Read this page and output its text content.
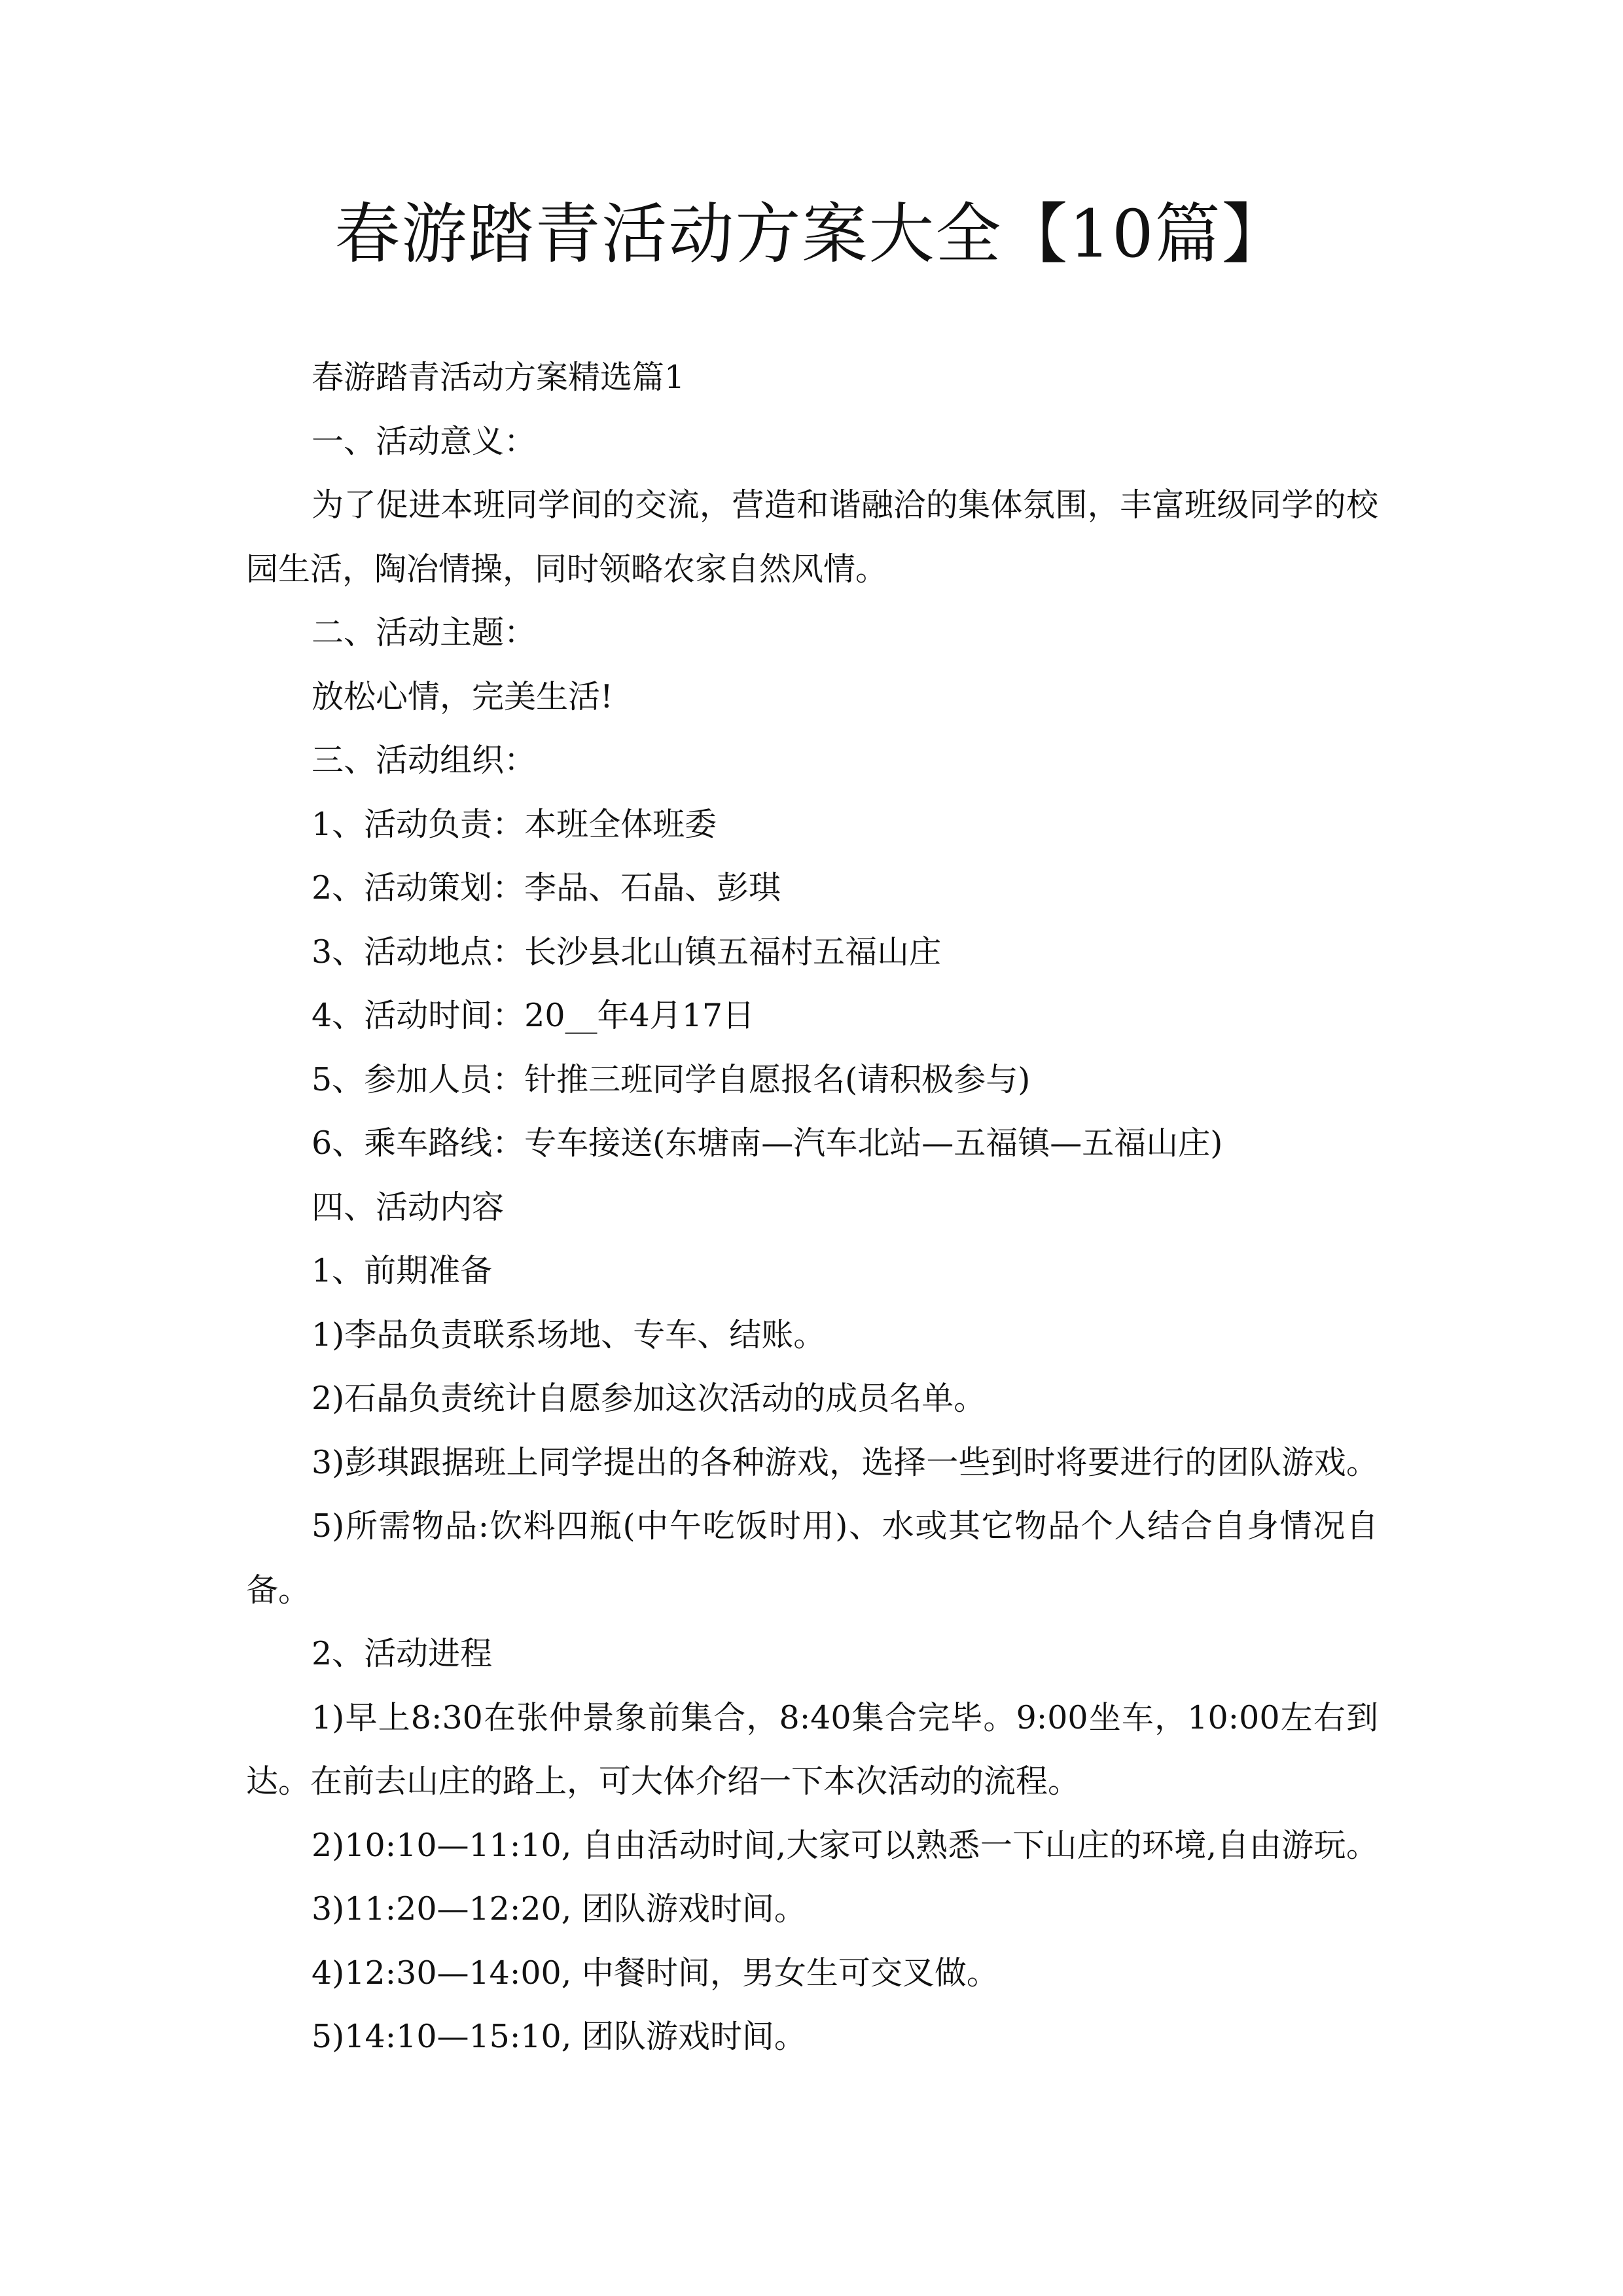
春游踏青活动方案大全【10篇】
春游踏青活动方案精选篇1
一、活动意义：
为了促进本班同学间的交流，营造和谐融洽的集体氛围，丰富班级同学的校
园生活，陶冶情操，同时领略农家自然风情。
二、活动主题：
放松心情，完美生活!
三、活动组织：
1、活动负责：本班全体班委
2、活动策划：李品、石晶、彭琪
3、活动地点：长沙县北山镇五福村五福山庄
4、活动时间：20__年4月17日
5、参加人员：针推三班同学自愿报名(请积极参与)
6、乘车路线：专车接送(东塘南—汽车北站—五福镇—五福山庄)
四、活动内容
1、前期准备
1)李品负责联系场地、专车、结账。
2)石晶负责统计自愿参加这次活动的成员名单。
3)彭琪跟据班上同学提出的各种游戏，选择一些到时将要进行的团队游戏。
5)所需物品:饮料四瓶(中午吃饭时用)、水或其它物品个人结合自身情况自
备。
2、活动进程
1)早上8:30在张仲景象前集合，8:40集合完毕。9:00坐车，10:00左右到
达。在前去山庄的路上，可大体介绍一下本次活动的流程。
2)10:10—11:10, 自由活动时间,大家可以熟悉一下山庄的环境,自由游玩。
3)11:20—12:20, 团队游戏时间。
4)12:30—14:00, 中餐时间，男女生可交叉做。
5)14:10—15:10, 团队游戏时间。
